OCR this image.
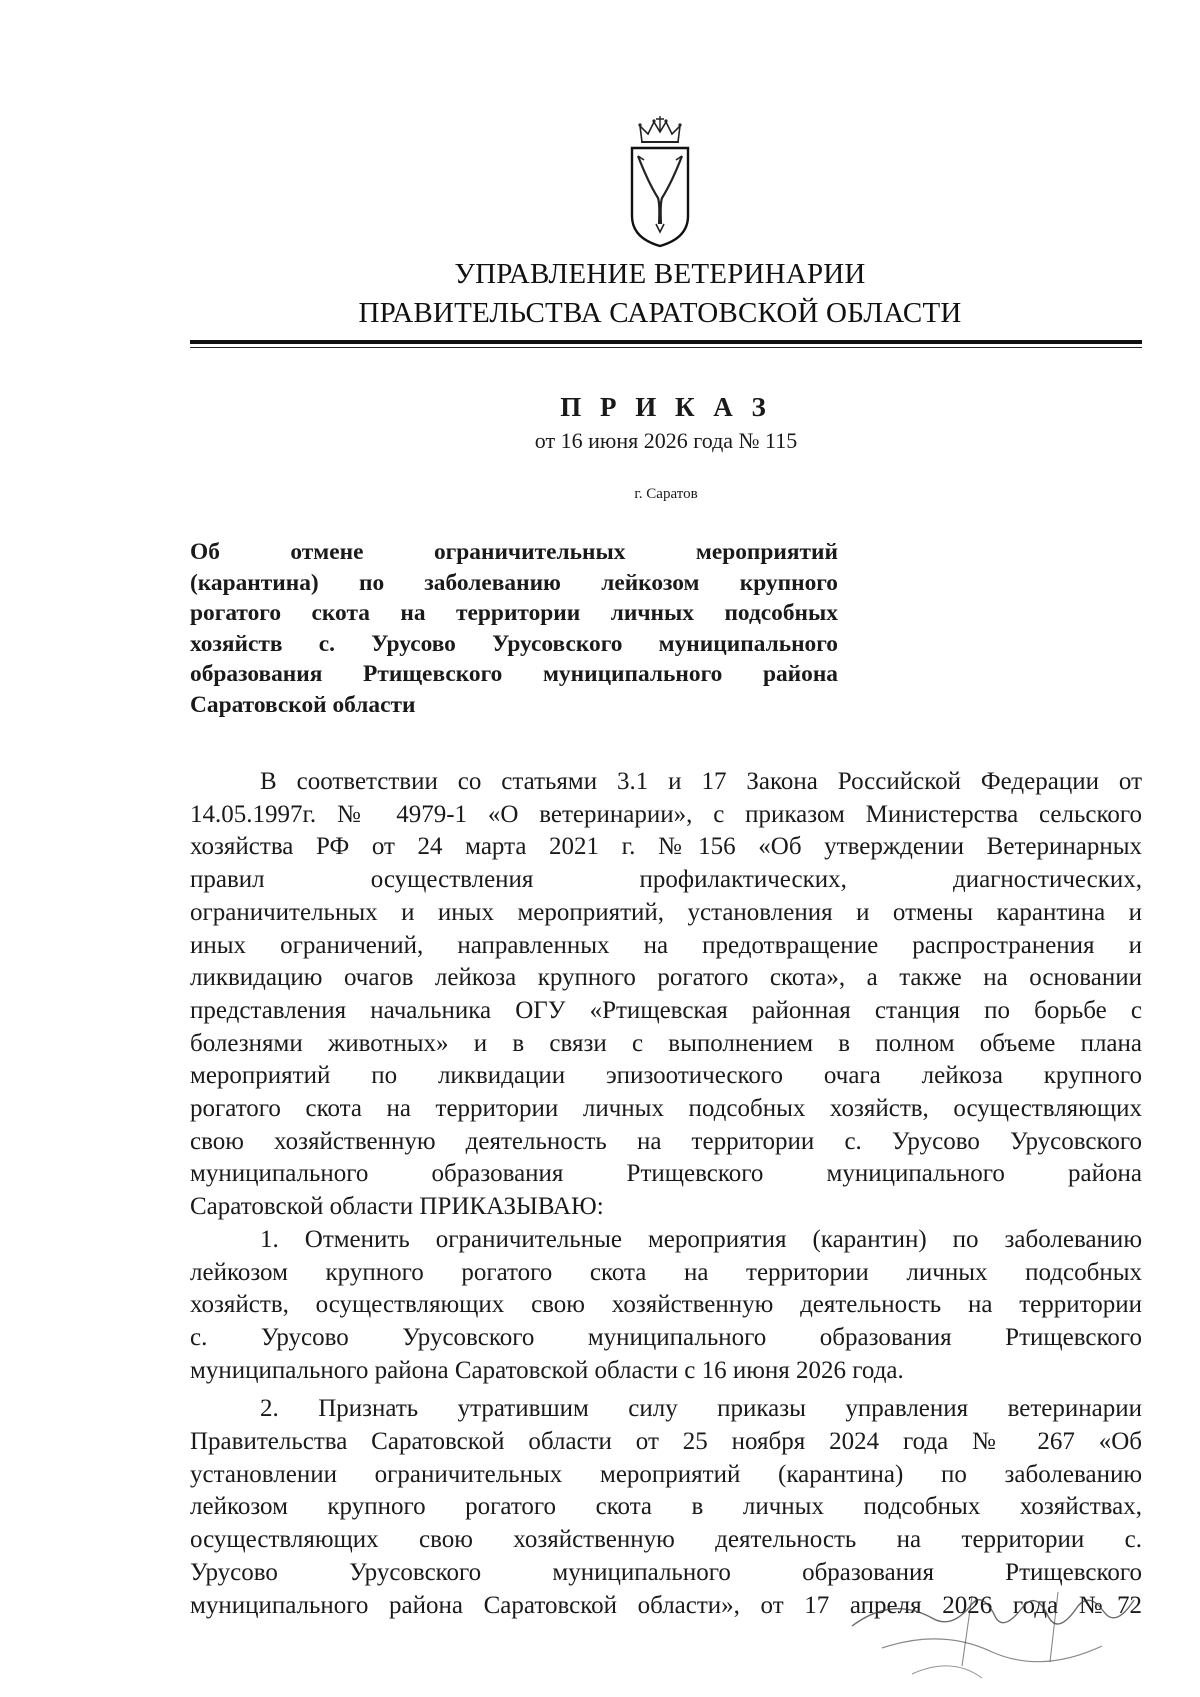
УПРАВЛЕНИЕ ВЕТЕРИНАРИИ
ПРАВИТЕЛЬСТВА САРАТОВСКОЙ ОБЛАСТИ
П Р И К А З
от 16 июня 2026 года № 115
г. Саратов
Об отмене ограничительных мероприятий
(карантина) по заболеванию лейкозом крупного
рогатого скота на территории личных подсобных
хозяйств с. Урусово Урусовского муниципального
образования Ртищевского муниципального района
Саратовской области
В соответствии со статьями 3.1 и 17 Закона Российской Федерации от
14.05.1997г. № 4979-1 «О ветеринарии», с приказом Министерства сельского
хозяйства РФ от 24 марта 2021 г. №156 «Об утверждении Ветеринарных
правил осуществления профилактических, диагностических,
ограничительных и иных мероприятий, установления и отмены карантина и
иных ограничений, направленных на предотвращение распространения и
ликвидацию очагов лейкоза крупного рогатого скота», а также на основании
представления начальника ОГУ «Ртищевская районная станция по борьбе с
болезнями животных» и в связи с выполнением в полном объеме плана
мероприятий по ликвидации эпизоотического очага лейкоза крупного
рогатого скота на территории личных подсобных хозяйств, осуществляющих
свою хозяйственную деятельность на территории с. Урусово Урусовского
муниципального образования Ртищевского муниципального района
Саратовской области ПРИКАЗЫВАЮ:
1. Отменить ограничительные мероприятия (карантин) по заболеванию
лейкозом крупного рогатого скота на территории личных подсобных
хозяйств, осуществляющих свою хозяйственную деятельность на территории
с. Урусово Урусовского муниципального образования Ртищевского
муниципального района Саратовской области с 16 июня 2026 года.
2. Признать утратившим силу приказы управления ветеринарии
Правительства Саратовской области от 25 ноября 2024 года № 267 «Об
установлении ограничительных мероприятий (карантина) по заболеванию
лейкозом крупного рогатого скота в личных подсобных хозяйствах,
осуществляющих свою хозяйственную деятельность на территории с.
Урусово Урусовского муниципального образования Ртищевского
муниципального района Саратовской области», от 17 апреля 2026 года №72
